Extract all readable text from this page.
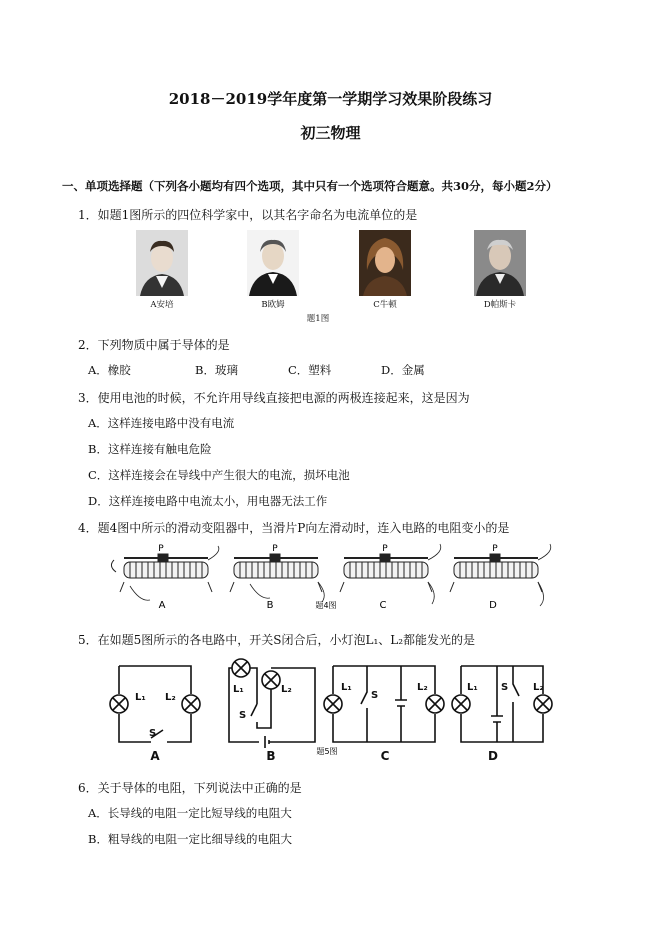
2018－2019学年度第一学期学习效果阶段练习
初三物理
一、单项选择题（下列各小题均有四个选项，其中只有一个选项符合题意。共30分，每小题2分）
1．如题1图所示的四位科学家中，以其名字命名为电流单位的是
A安培	B欧姆	C牛顿	D帕斯卡
题1图
2．下列物质中属于导体的是
A．橡胶	B．玻璃	C．塑料	D．金属
3．使用电池的时候，不允许用导线直接把电源的两极连接起来，这是因为
A．这样连接电路中没有电流
B．这样连接有触电危险
C．这样连接会在导线中产生很大的电流，损坏电池
D．这样连接电路中电流太小，用电器无法工作
4．题4图中所示的滑动变阻器中，当滑片P向左滑动时，连入电路的电阻变小的是
P	P	P	P
A	B	C	D
题4图
5．在如题5图所示的各电路中，开关S闭合后，小灯泡L₁、L₂都能发光的是
L₁ L₂
S
L₁	L₂
S
L₁	L₂
S
L₁	L₂
S
A	B	C	D
题5图
6．关于导体的电阻，下列说法中正确的是
A．长导线的电阻一定比短导线的电阻大
B．粗导线的电阻一定比细导线的电阻大
